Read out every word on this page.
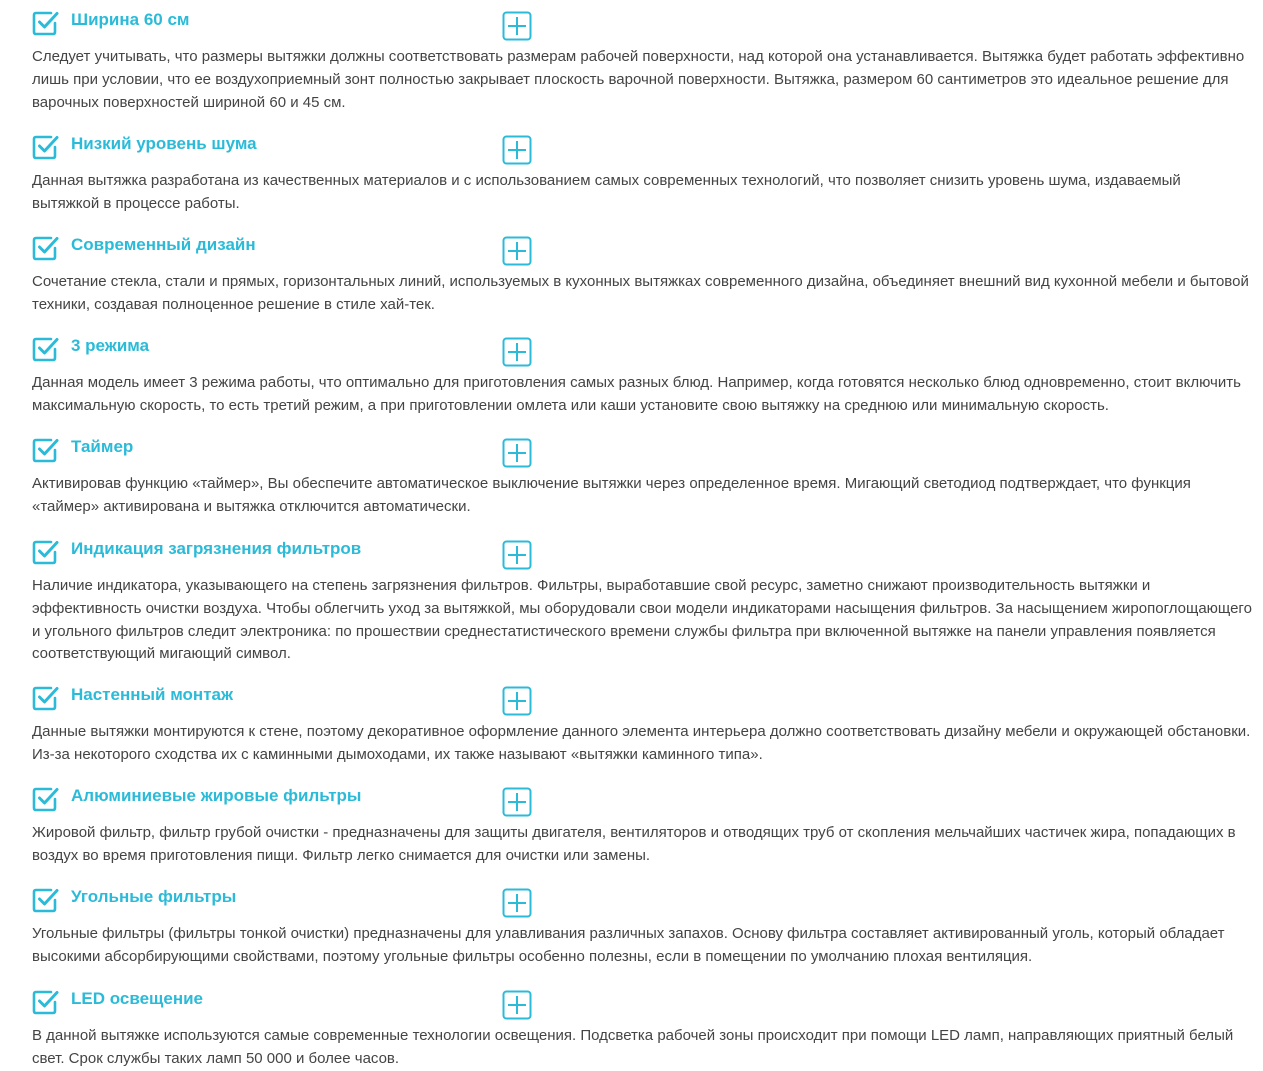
Ширина 60 см

Следует учитывать, что размеры вытяжки должны соответствовать размерам рабочей поверхности, над которой она устанавливается. Вытяжка будет работать эффективно лишь при условии, что ее воздухоприемный зонт полностью закрывает плоскость варочной поверхности. Вытяжка, размером 60 сантиметров это идеальное решение для варочных поверхностей шириной 60 и 45 см.

Низкий уровень шума

Данная вытяжка разработана из качественных материалов и с использованием самых современных технологий, что позволяет снизить уровень шума, издаваемый вытяжкой в процессе работы.

Современный дизайн

Сочетание стекла, стали и прямых, горизонтальных линий, используемых в кухонных вытяжках современного дизайна, объединяет внешний вид кухонной мебели и бытовой техники, создавая полноценное решение в стиле хай-тек.

3 режима

Данная модель имеет 3 режима работы, что оптимально для приготовления самых разных блюд. Например, когда готовятся несколько блюд одновременно, стоит включить максимальную скорость, то есть третий режим, а при приготовлении омлета или каши установите свою вытяжку на среднюю или минимальную скорость.

Таймер

Активировав функцию «таймер», Вы обеспечите автоматическое выключение вытяжки через определенное время. Мигающий светодиод подтверждает, что функция «таймер» активирована и вытяжка отключится автоматически.

Индикация загрязнения фильтров

Наличие индикатора, указывающего на степень загрязнения фильтров. Фильтры, выработавшие свой ресурс, заметно снижают производительность вытяжки и эффективность очистки воздуха. Чтобы облегчить уход за вытяжкой, мы оборудовали свои модели индикаторами насыщения фильтров. За насыщением жиропоглощающего и угольного фильтров следит электроника: по прошествии среднестатистического времени службы фильтра при включенной вытяжке на панели управления появляется соответствующий мигающий символ.

Настенный монтаж

Данные вытяжки монтируются к стене, поэтому декоративное оформление данного элемента интерьера должно соответствовать дизайну мебели и окружающей обстановки. Из-за некоторого сходства их с каминными дымоходами, их также называют «вытяжки каминного типа».

Алюминиевые жировые фильтры

Жировой фильтр, фильтр грубой очистки - предназначены для защиты двигателя, вентиляторов и отводящих труб от скопления мельчайших частичек жира, попадающих в воздух во время приготовления пищи. Фильтр легко снимается для очистки или замены.

Угольные фильтры

Угольные фильтры (фильтры тонкой очистки) предназначены для улавливания различных запахов. Основу фильтра составляет активированный уголь, который обладает высокими абсорбирующими свойствами, поэтому угольные фильтры особенно полезны, если в помещении по умолчанию плохая вентиляция.

LED освещение

В данной вытяжке используются самые современные технологии освещения. Подсветка рабочей зоны происходит при помощи LED ламп, направляющих приятный белый свет. Срок службы таких ламп 50 000 и более часов.
